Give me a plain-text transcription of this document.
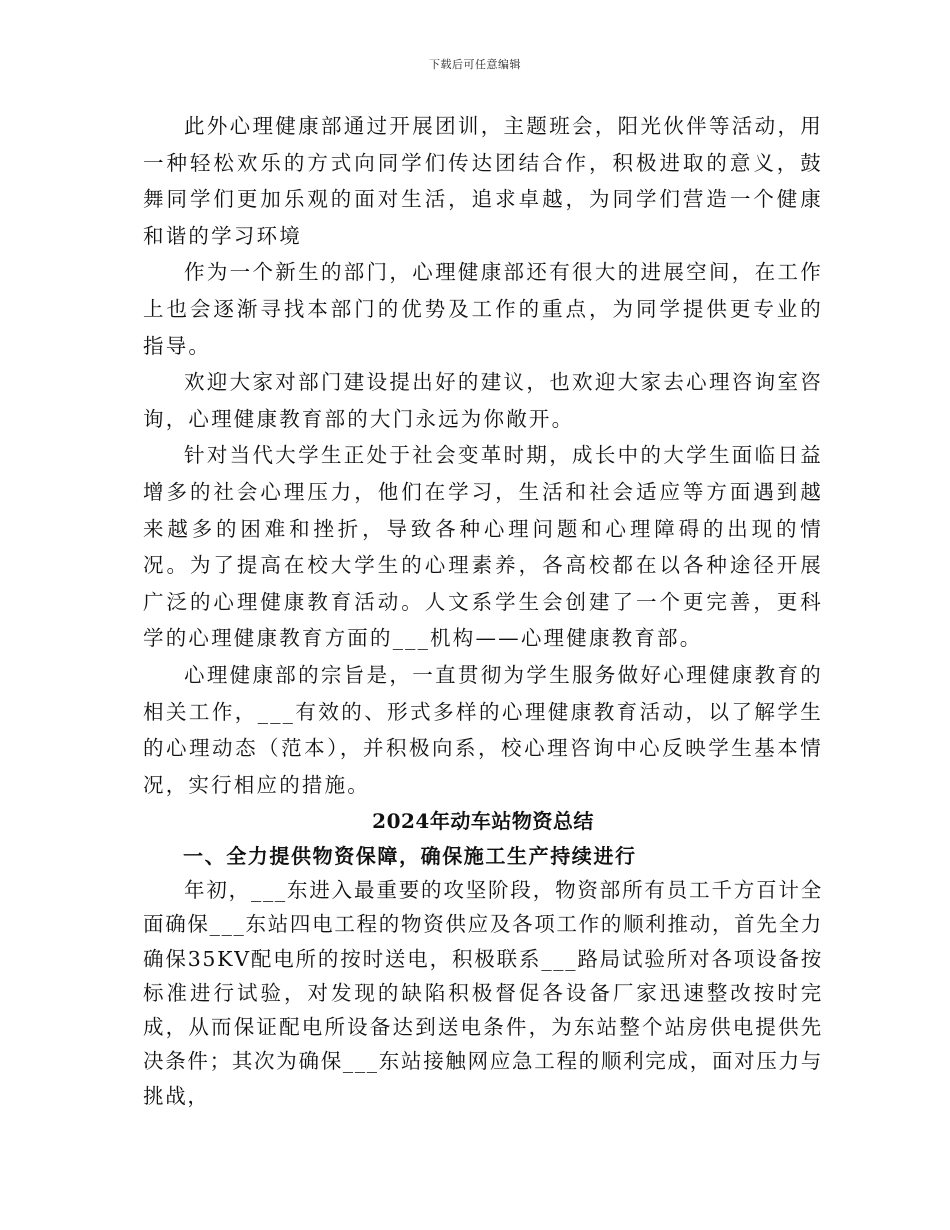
下载后可任意编辑

此外心理健康部通过开展团训，主题班会，阳光伙伴等活动，用一种轻松欢乐的方式向同学们传达团结合作，积极进取的意义，鼓舞同学们更加乐观的面对生活，追求卓越，为同学们营造一个健康和谐的学习环境

作为一个新生的部门，心理健康部还有很大的进展空间，在工作上也会逐渐寻找本部门的优势及工作的重点，为同学提供更专业的指导。

欢迎大家对部门建设提出好的建议，也欢迎大家去心理咨询室咨询，心理健康教育部的大门永远为你敞开。

针对当代大学生正处于社会变革时期，成长中的大学生面临日益增多的社会心理压力，他们在学习，生活和社会适应等方面遇到越来越多的困难和挫折，导致各种心理问题和心理障碍的出现的情况。为了提高在校大学生的心理素养，各高校都在以各种途径开展广泛的心理健康教育活动。人文系学生会创建了一个更完善，更科学的心理健康教育方面的___机构——心理健康教育部。

心理健康部的宗旨是，一直贯彻为学生服务做好心理健康教育的相关工作，___有效的、形式多样的心理健康教育活动，以了解学生的心理动态（范本），并积极向系，校心理咨询中心反映学生基本情况，实行相应的措施。

2024年动车站物资总结
一、全力提供物资保障，确保施工生产持续进行

年初，___东进入最重要的攻坚阶段，物资部所有员工千方百计全面确保___东站四电工程的物资供应及各项工作的顺利推动，首先全力确保35KV配电所的按时送电，积极联系___路局试验所对各项设备按标准进行试验，对发现的缺陷积极督促各设备厂家迅速整改按时完成，从而保证配电所设备达到送电条件，为东站整个站房供电提供先决条件；其次为确保___东站接触网应急工程的顺利完成，面对压力与挑战，
